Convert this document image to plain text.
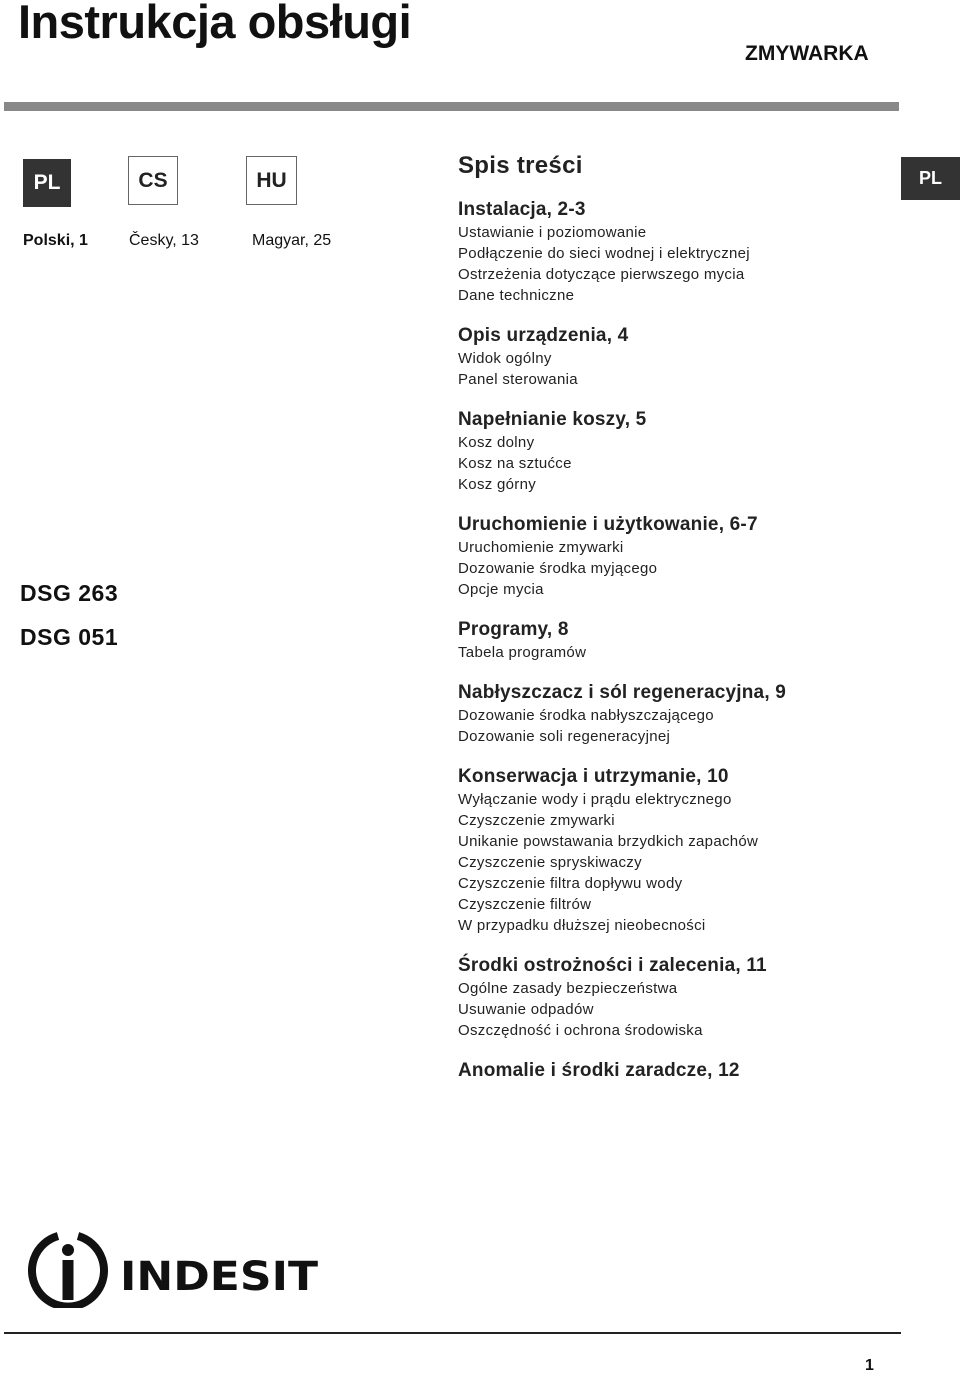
Instrukcja obsługi
ZMYWARKA
PL	CS	HU
Polski, 1	Česky, 13	Magyar, 25
PL
DSG 263
DSG 051
Spis treści
Instalacja, 2-3
Ustawianie i poziomowanie
Podłączenie do sieci wodnej i elektrycznej
Ostrzeżenia dotyczące pierwszego mycia
Dane techniczne
Opis urządzenia, 4
Widok ogólny
Panel sterowania
Napełnianie koszy, 5
Kosz dolny
Kosz na sztućce
Kosz górny
Uruchomienie i użytkowanie, 6-7
Uruchomienie zmywarki
Dozowanie środka myjącego
Opcje mycia
Programy, 8
Tabela programów
Nabłyszczacz i sól regeneracyjna, 9
Dozowanie środka nabłyszczającego
Dozowanie soli regeneracyjnej
Konserwacja i utrzymanie, 10
Wyłączanie wody i prądu elektrycznego
Czyszczenie zmywarki
Unikanie powstawania brzydkich zapachów
Czyszczenie spryskiwaczy
Czyszczenie filtra dopływu wody
Czyszczenie filtrów
W przypadku dłuższej nieobecności
Środki ostrożności i zalecenia, 11
Ogólne zasady bezpieczeństwa
Usuwanie odpadów
Oszczędność i ochrona środowiska
Anomalie i środki zaradcze, 12
INDESIT
1
